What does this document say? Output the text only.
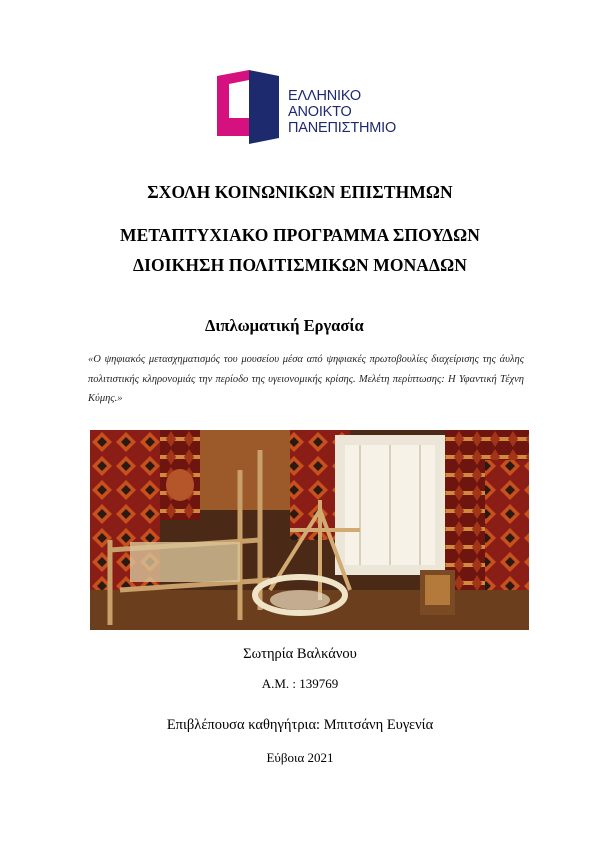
ΕΛΛΗΝΙΚΟ
ΑΝΟΙΚΤΟ
ΠΑΝΕΠΙΣΤΗΜΙΟ
ΣΧΟΛΗ ΚΟΙΝΩΝΙΚΩΝ ΕΠΙΣΤΗΜΩΝ
ΜΕΤΑΠΤΥΧΙΑΚΟ ΠΡΟΓΡΑΜΜΑ ΣΠΟΥΔΩΝ
ΔΙΟΙΚΗΣΗ ΠΟΛΙΤΙΣΜΙΚΩΝ ΜΟΝΑΔΩΝ
Διπλωματική Εργασία
«Ο ψηφιακός μετασχηματισμός του μουσείου μέσα από ψηφιακές πρωτοβουλίες διαχείρισης της άυλης πολιτιστικής κληρονομιάς την περίοδο της υγειονομικής κρίσης. Μελέτη περίπτωσης: Η Υφαντική Τέχνη Κύμης.»
Σωτηρία Βαλκάνου
Α.Μ. : 139769
Επιβλέπουσα καθηγήτρια: Μπιτσάνη Ευγενία
Εύβοια 2021
